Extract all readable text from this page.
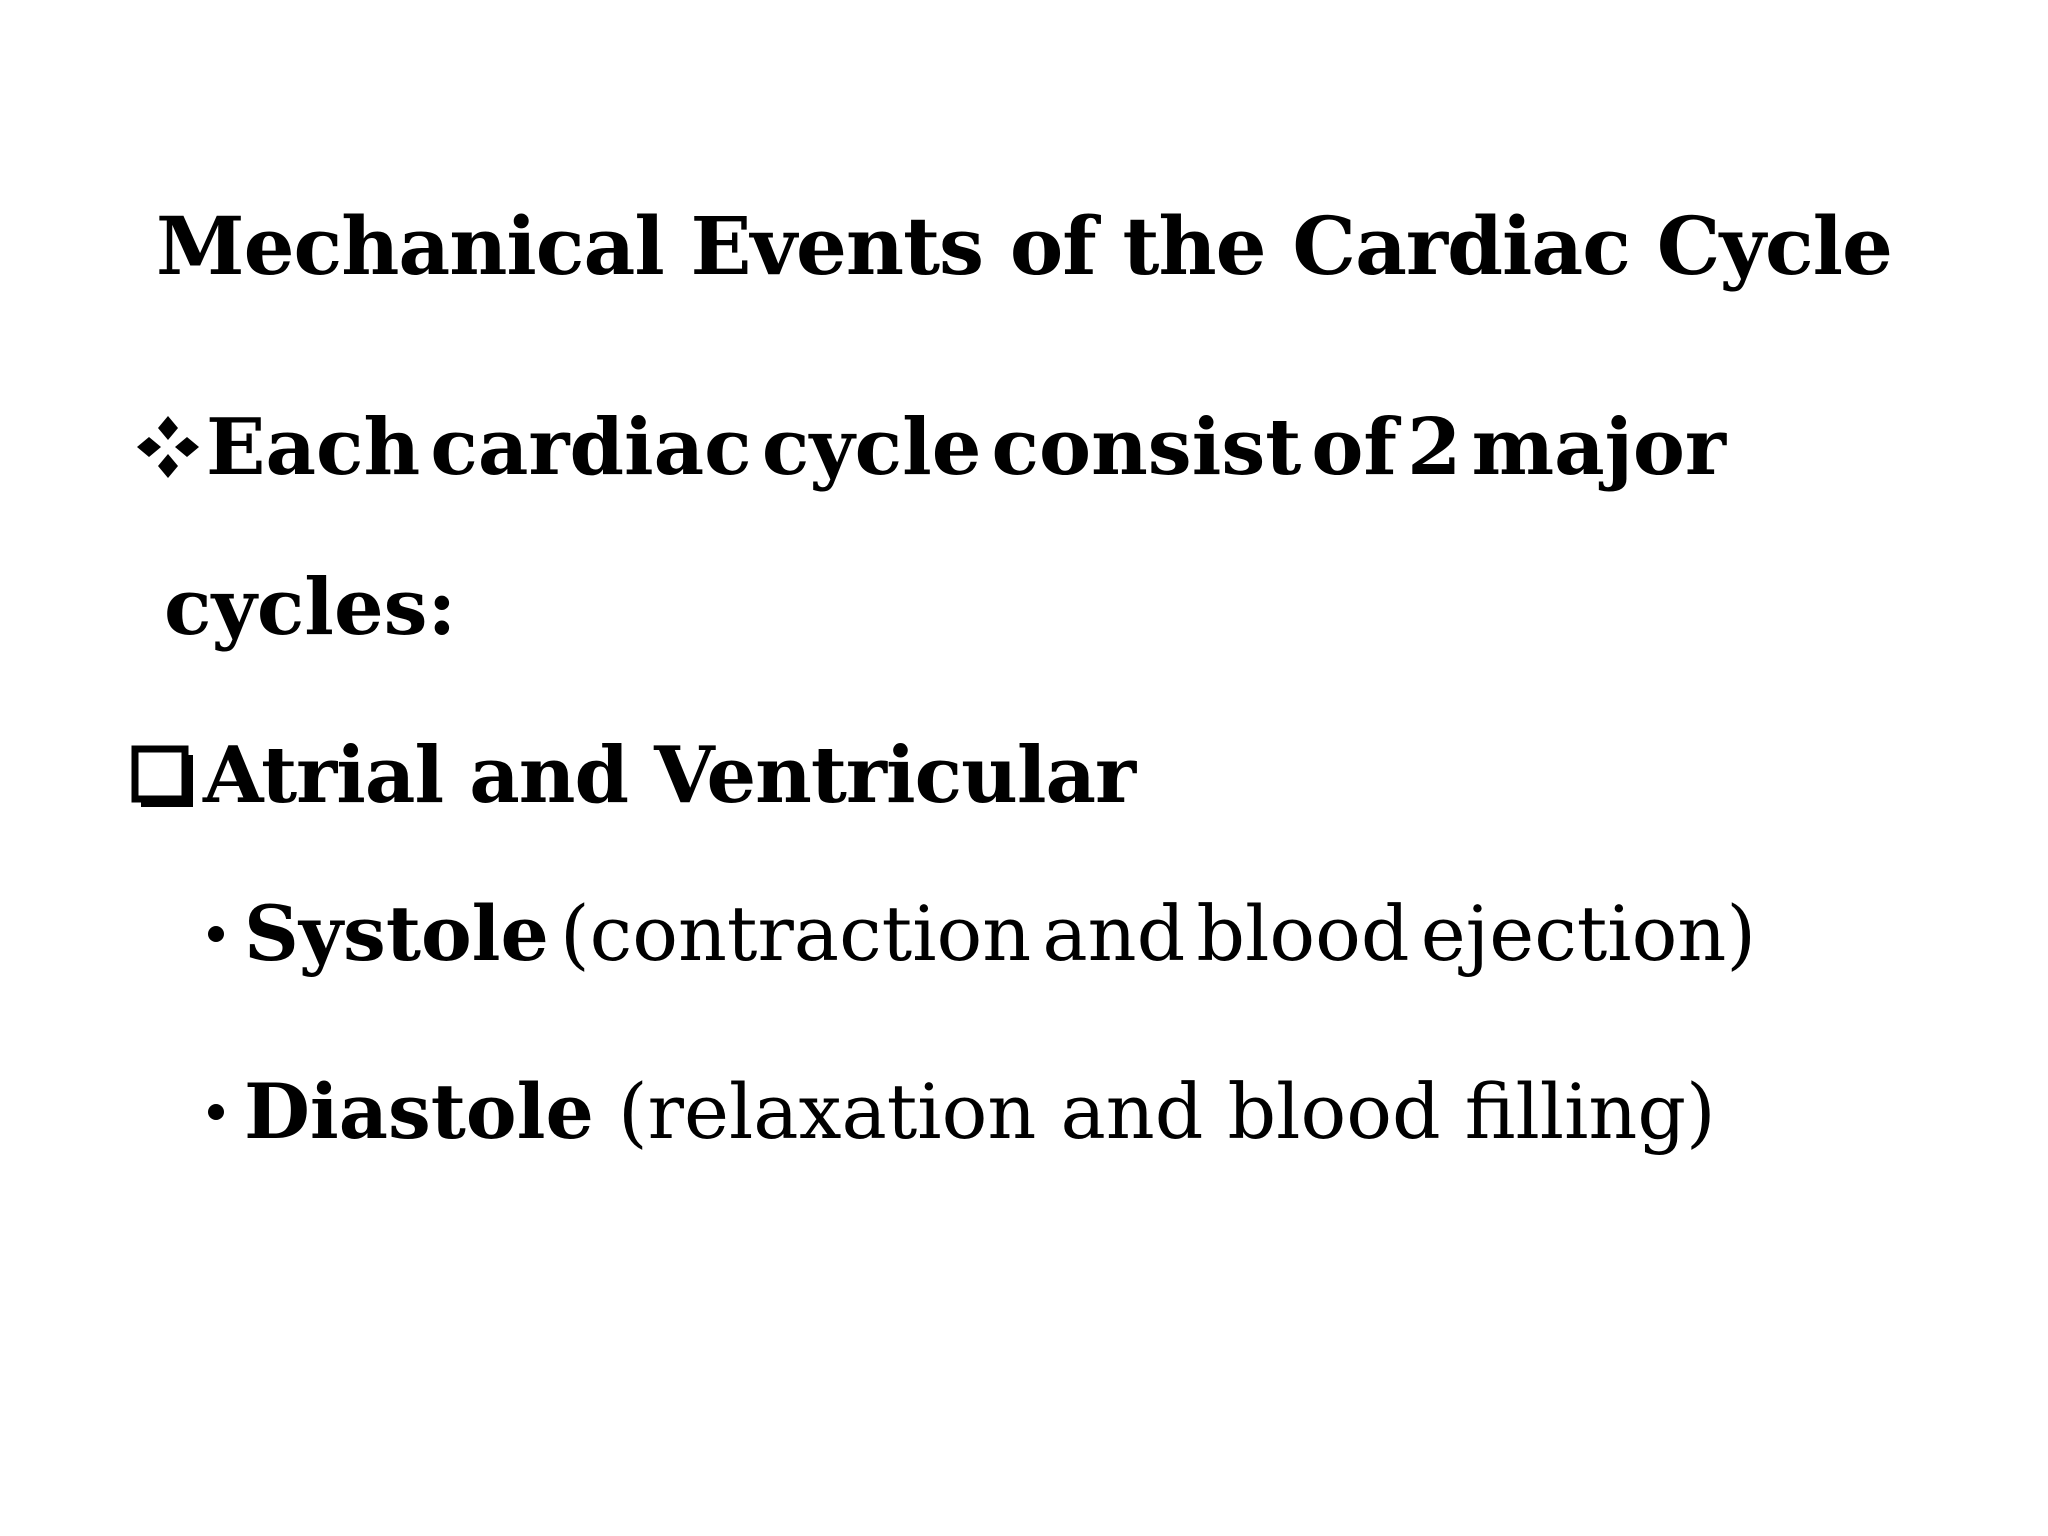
Mechanical Events of the Cardiac Cycle
Each cardiac cycle consist of 2 major
cycles:
Atrial and Ventricular
Systole (contraction and blood ejection)
Diastole (relaxation and blood filling)
